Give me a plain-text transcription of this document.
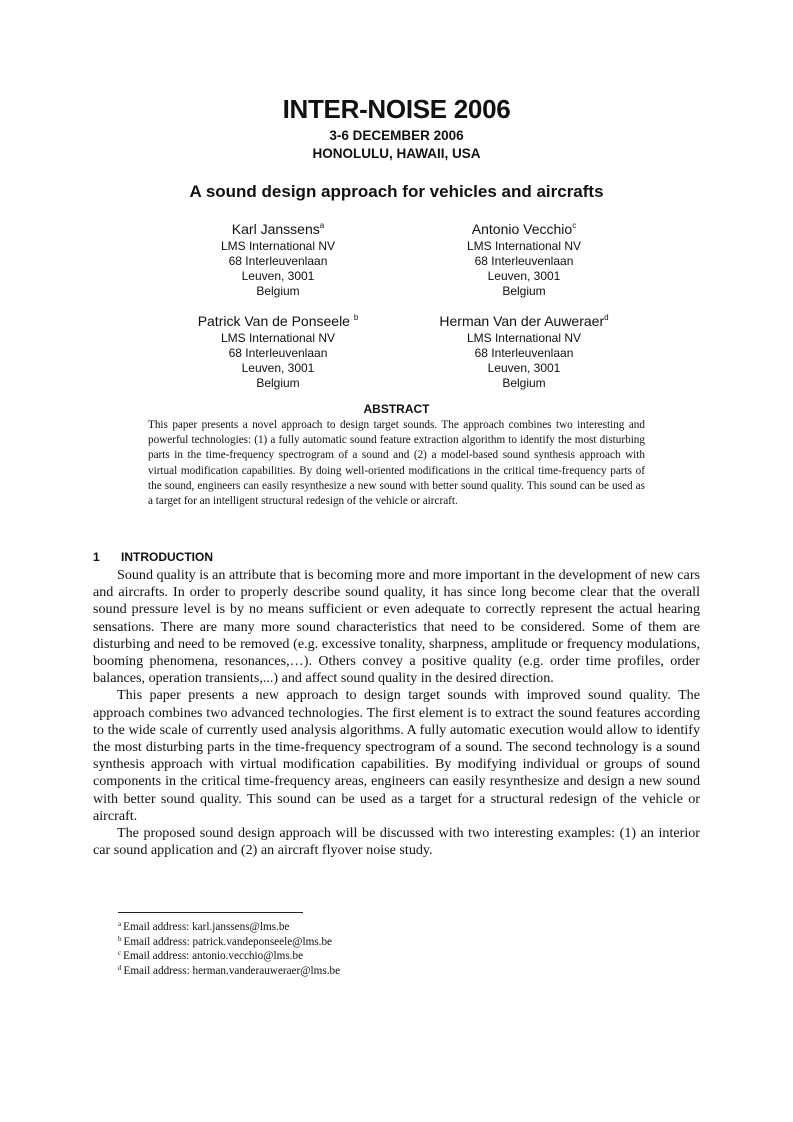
INTER-NOISE 2006
3-6 DECEMBER 2006
HONOLULU, HAWAII, USA
A sound design approach for vehicles and aircrafts
Karl Janssens$^a$
LMS International NV
68 Interleuvenlaan
Leuven, 3001
Belgium
Antonio Vecchio$^c$
LMS International NV
68 Interleuvenlaan
Leuven, 3001
Belgium
Patrick Van de Ponseele $^b$
LMS International NV
68 Interleuvenlaan
Leuven, 3001
Belgium
Herman Van der Auweraer$^d$
LMS International NV
68 Interleuvenlaan
Leuven, 3001
Belgium
ABSTRACT
This paper presents a novel approach to design target sounds. The approach combines two interesting and powerful technologies: (1) a fully automatic sound feature extraction algorithm to identify the most disturbing parts in the time-frequency spectrogram of a sound and (2) a model-based sound synthesis approach with virtual modification capabilities. By doing well-oriented modifications in the critical time-frequency parts of the sound, engineers can easily resynthesize a new sound with better sound quality. This sound can be used as a target for an intelligent structural redesign of the vehicle or aircraft.
1 INTRODUCTION

Sound quality is an attribute that is becoming more and more important in the development of new cars and aircrafts. In order to properly describe sound quality, it has since long become clear that the overall sound pressure level is by no means sufficient or even adequate to correctly represent the actual hearing sensations. There are many more sound characteristics that need to be considered. Some of them are disturbing and need to be removed (e.g. excessive tonality, sharpness, amplitude or frequency modulations, booming phenomena, resonances,…). Others convey a positive quality (e.g. order time profiles, order balances, operation transients,...) and affect sound quality in the desired direction.

This paper presents a new approach to design target sounds with improved sound quality. The approach combines two advanced technologies. The first element is to extract the sound features according to the wide scale of currently used analysis algorithms. A fully automatic execution would allow to identify the most disturbing parts in the time-frequency spectrogram of a sound. The second technology is a sound synthesis approach with virtual modification capabilities. By modifying individual or groups of sound components in the critical time-frequency areas, engineers can easily resynthesize and design a new sound with better sound quality. This sound can be used as a target for a structural redesign of the vehicle or aircraft.

The proposed sound design approach will be discussed with two interesting examples: (1) an interior car sound application and (2) an aircraft flyover noise study.

$^a$ Email address: karl.janssens@lms.be
$^b$ Email address: patrick.vandeponseele@lms.be
$^c$ Email address: antonio.vecchio@lms.be
$^d$ Email address: herman.vanderauweraer@lms.be
